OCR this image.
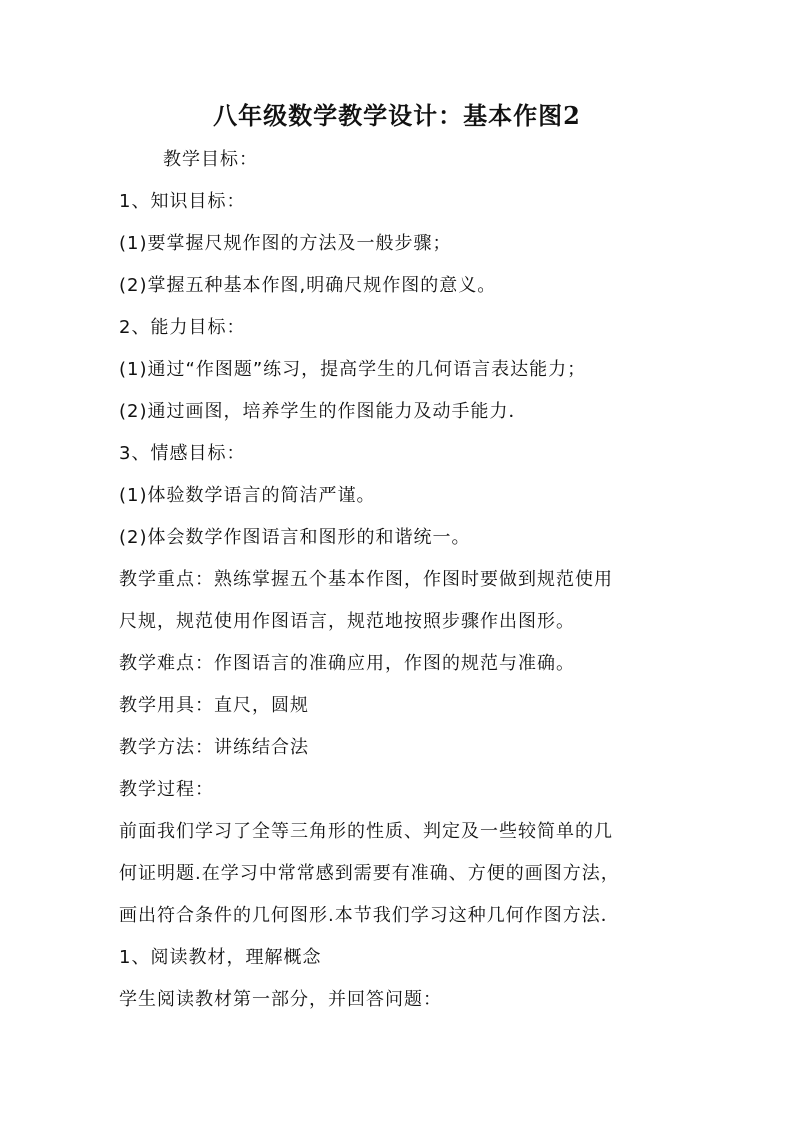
八年级数学教学设计：基本作图2
教学目标：
1、知识目标：
(1)要掌握尺规作图的方法及一般步骤；
(2)掌握五种基本作图,明确尺规作图的意义。
2、能力目标：
(1)通过“作图题”练习，提高学生的几何语言表达能力；
(2)通过画图，培养学生的作图能力及动手能力．
3、情感目标：
(1)体验数学语言的简洁严谨。
(2)体会数学作图语言和图形的和谐统一。
教学重点：熟练掌握五个基本作图，作图时要做到规范使用
尺规，规范使用作图语言，规范地按照步骤作出图形。
教学难点：作图语言的准确应用，作图的规范与准确。
教学用具：直尺，圆规
教学方法：讲练结合法
教学过程：
前面我们学习了全等三角形的性质、判定及一些较简单的几
何证明题.在学习中常常感到需要有准确、方便的画图方法，
画出符合条件的几何图形.本节我们学习这种几何作图方法．
1、阅读教材，理解概念
学生阅读教材第一部分，并回答问题：
